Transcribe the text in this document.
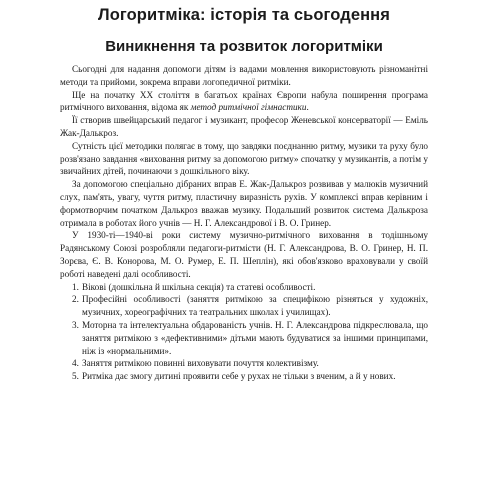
Логоритміка: історія та сьогодення
Виникнення та розвиток логоритміки

Сьогодні для надання допомоги дітям із вадами мовлення використовують різноманітні методи та прийоми, зокрема вправи логопедичної ритміки.

Ще на початку XX століття в багатьох країнах Європи набула поширення програма ритмічного виховання, відома як метод ритмічної гімнастики.

Її створив швейцарський педагог і музикант, професор Женевської консерваторії — Еміль Жак-Далькроз.

Сутність цієї методики полягає в тому, що завдяки поєднанню ритму, музики та руху було розв'язано завдання «виховання ритму за допомогою ритму» спочатку у музикантів, а потім у звичайних дітей, починаючи з дошкільного віку.

За допомогою спеціально дібраних вправ Е. Жак-Далькроз розвивав у малюків музичний слух, пам'ять, увагу, чуття ритму, пластичну виразність рухів. У комплексі вправ керівним і формотворчим початком Далькроз вважав музику. Подальший розвиток система Далькроза отримала в роботах його учнів — Н. Г. Александрової і В. О. Гринер.

У 1930-ті—1940-ві роки систему музично-ритмічного виховання в тодішньому Радянському Союзі розробляли педагоги-ритмісти (Н. Г. Александрова, В. О. Гринер, Н. П. Зорєва, Є. В. Конорова, М. О. Румер, Е. П. Шеплін), які обов'язково враховували у своїй роботі наведені далі особливості.

1. Вікові (дошкільна й шкільна секція) та статеві особливості.
2. Професійні особливості (заняття ритмікою за специфікою різняться у художніх, музичних, хореографічних та театральних школах і училищах).
3. Моторна та інтелектуальна обдарованість учнів. Н. Г. Александрова підкреслювала, що заняття ритмікою з «дефективними» дітьми мають будуватися за іншими принципами, ніж із «нормальними».
4. Заняття ритмікою повинні виховувати почуття колективізму.
5. Ритміка дає змогу дитині проявити себе у рухах не тільки з вченим, а й у нових.
